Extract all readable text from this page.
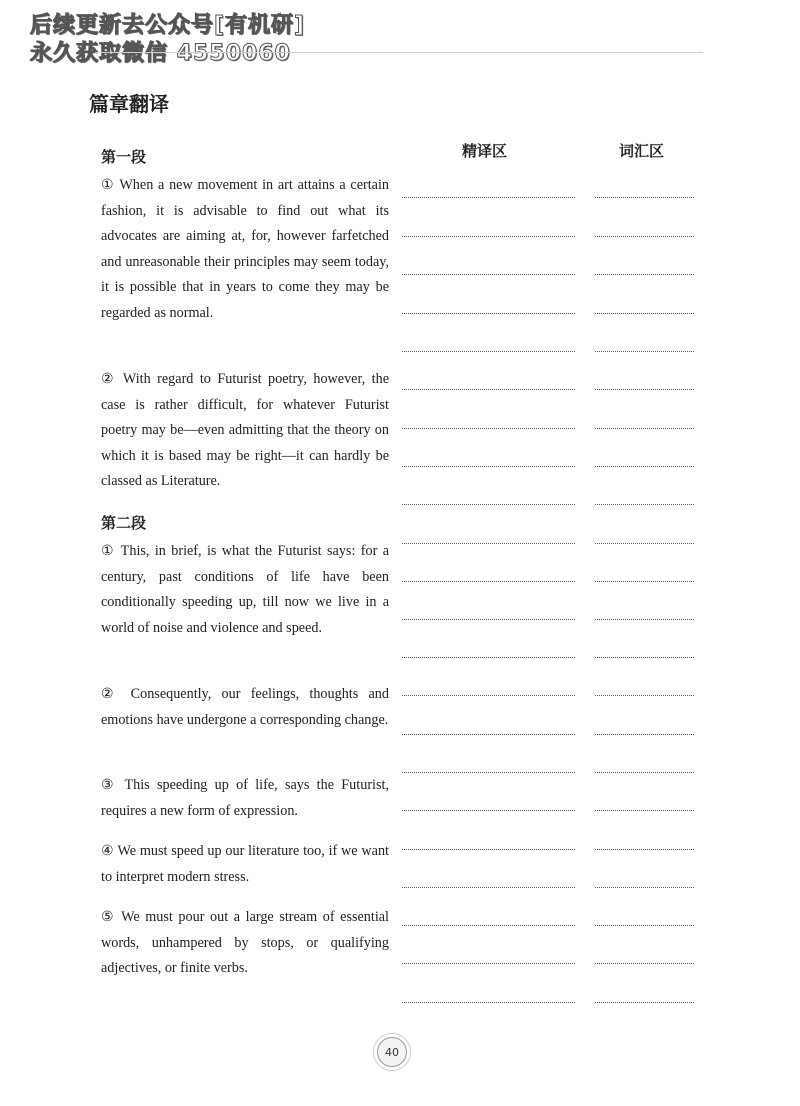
后续更新去公众号[有机研]
永久获取微信 4550060
篇章翻译
精译区	词汇区
第一段
① When a new movement in art attains a certain fashion, it is advisable to find out what its advocates are aiming at, for, however farfetched and unreasonable their principles may seem today, it is possible that in years to come they may be regarded as normal.
② With regard to Futurist poetry, however, the case is rather difficult, for whatever Futurist poetry may be—even admitting that the theory on which it is based may be right—it can hardly be classed as Literature.
第二段
① This, in brief, is what the Futurist says: for a century, past conditions of life have been conditionally speeding up, till now we live in a world of noise and violence and speed.
② Consequently, our feelings, thoughts and emotions have undergone a corresponding change.
③ This speeding up of life, says the Futurist, requires a new form of expression.
④ We must speed up our literature too, if we want to interpret modern stress.
⑤ We must pour out a large stream of essential words, unhampered by stops, or qualifying adjectives, or finite verbs.
40
